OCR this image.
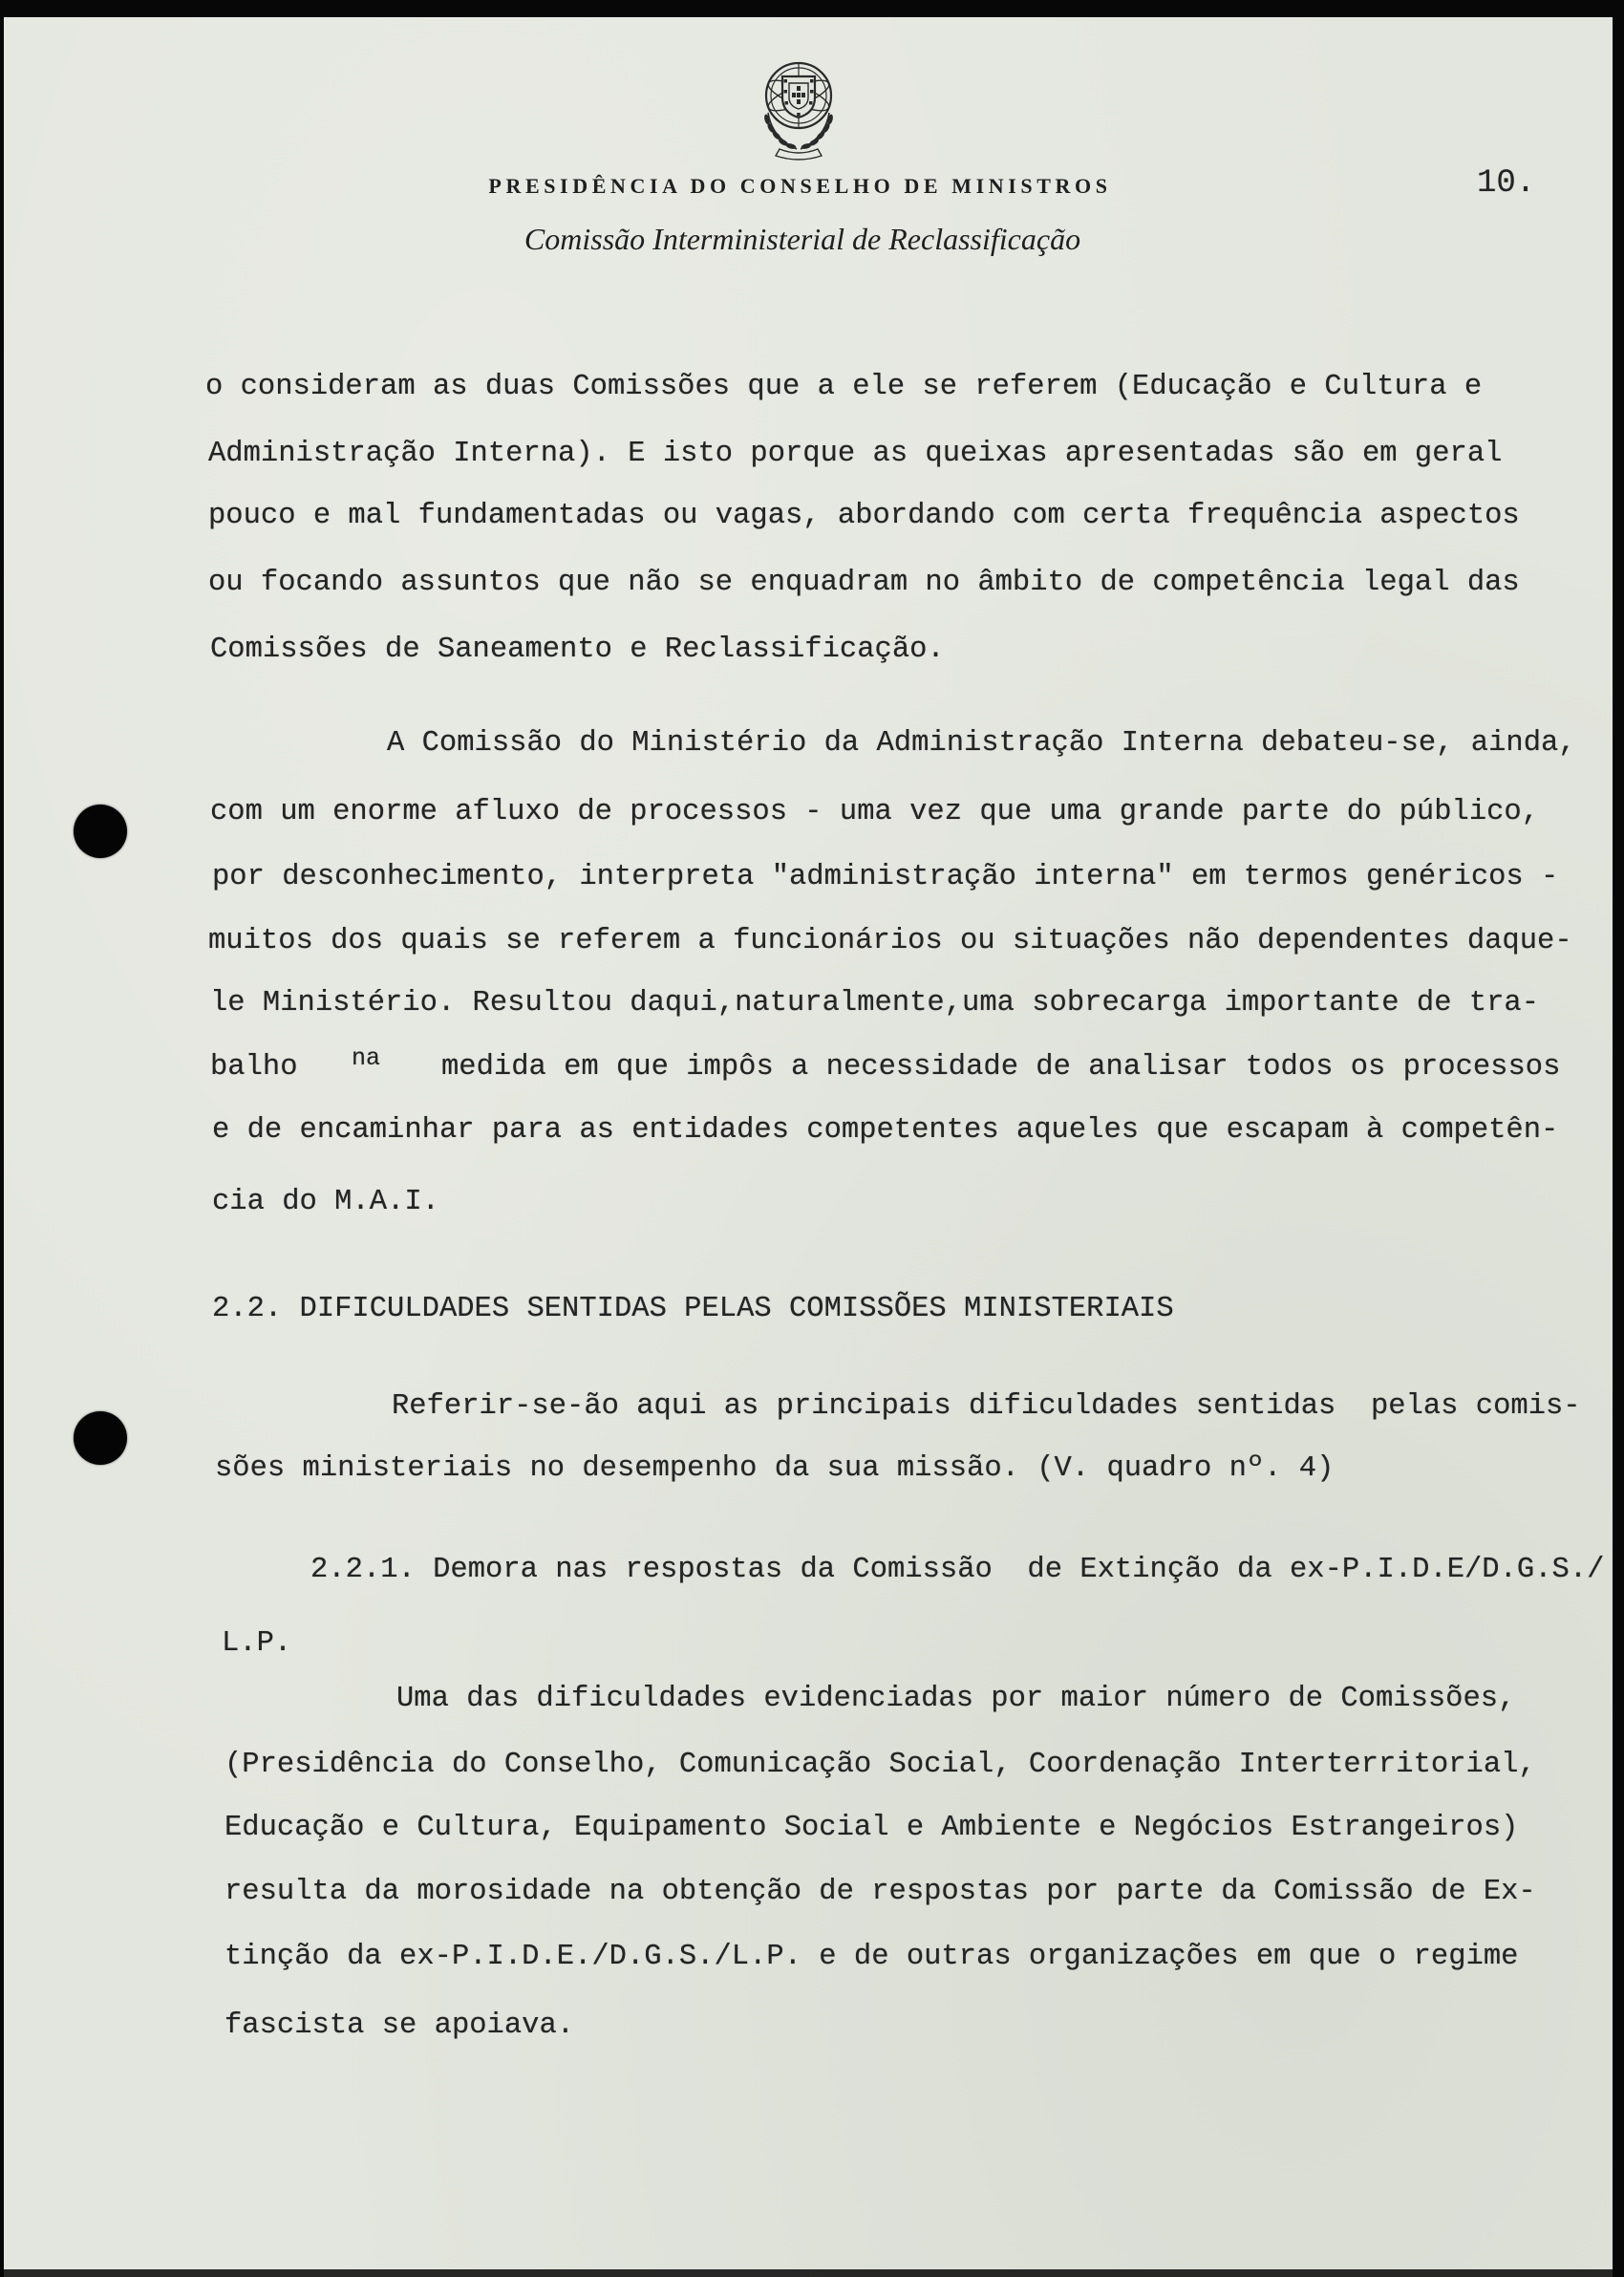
PRESIDÊNCIA DO CONSELHO DE MINISTROS	10.
Comissão Interministerial de Reclassificação
o consideram as duas Comissões que a ele se referem (Educação e Cultura e
Administração Interna). E isto porque as queixas apresentadas são em geral
pouco e mal fundamentadas ou vagas, abordando com certa frequência aspectos
ou focando assuntos que não se enquadram no âmbito de competência legal das
Comissões de Saneamento e Reclassificação.
A Comissão do Ministério da Administração Interna debateu-se, ainda,
com um enorme afluxo de processos - uma vez que uma grande parte do público,
por desconhecimento, interpreta "administração interna" em termos genéricos -
muitos dos quais se referem a funcionários ou situações não dependentes daque-
le Ministério. Resultou daqui,naturalmente,uma sobrecarga importante de tra-
balho na medida em que impôs a necessidade de analisar todos os processos
e de encaminhar para as entidades competentes aqueles que escapam à competên-
cia do M.A.I.
2.2. DIFICULDADES SENTIDAS PELAS COMISSÕES MINISTERIAIS
Referir-se-ão aqui as principais dificuldades sentidas  pelas comis-
sões ministeriais no desempenho da sua missão. (V. quadro nº. 4)
2.2.1. Demora nas respostas da Comissão  de Extinção da ex-P.I.D.E/D.G.S./
L.P.
Uma das dificuldades evidenciadas por maior número de Comissões,
(Presidência do Conselho, Comunicação Social, Coordenação Interterritorial,
Educação e Cultura, Equipamento Social e Ambiente e Negócios Estrangeiros)
resulta da morosidade na obtenção de respostas por parte da Comissão de Ex-
tinção da ex-P.I.D.E./D.G.S./L.P. e de outras organizações em que o regime
fascista se apoiava.
